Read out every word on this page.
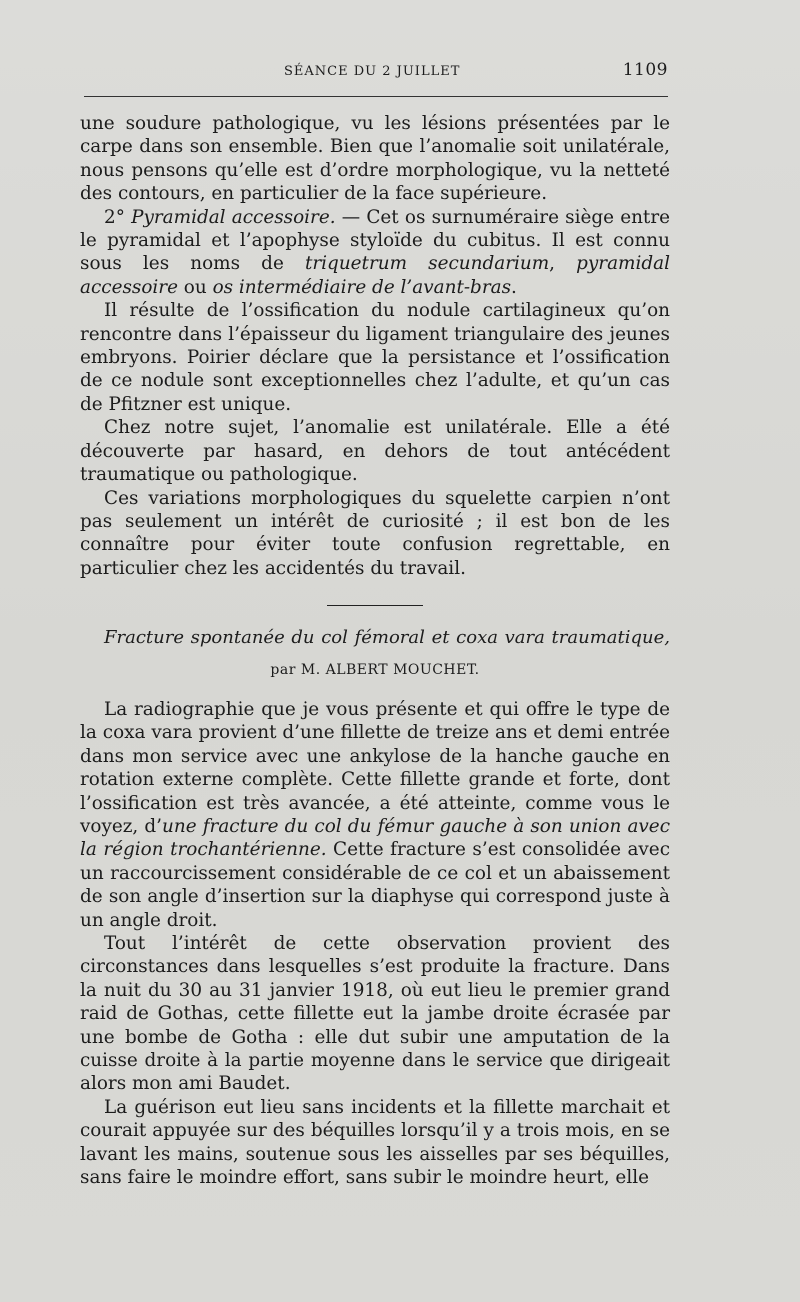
SÉANCE DU 2 JUILLET	1109

une soudure pathologique, vu les lésions présentées par le carpe dans son ensemble. Bien que l’anomalie soit unilatérale, nous pensons qu’elle est d’ordre morphologique, vu la netteté des contours, en particulier de la face supérieure.

2° Pyramidal accessoire. — Cet os surnuméraire siège entre le pyramidal et l’apophyse styloïde du cubitus. Il est connu sous les noms de triquetrum secundarium, pyramidal accessoire ou os intermédiaire de l’avant-bras.

Il résulte de l’ossification du nodule cartilagineux qu’on rencontre dans l’épaisseur du ligament triangulaire des jeunes embryons. Poirier déclare que la persistance et l’ossification de ce nodule sont exceptionnelles chez l’adulte, et qu’un cas de Pfitzner est unique.

Chez notre sujet, l’anomalie est unilatérale. Elle a été découverte par hasard, en dehors de tout antécédent traumatique ou pathologique.

Ces variations morphologiques du squelette carpien n’ont pas seulement un intérêt de curiosité ; il est bon de les connaître pour éviter toute confusion regrettable, en particulier chez les accidentés du travail.

Fracture spontanée du col fémoral et coxa vara traumatique,

par M. ALBERT MOUCHET.

La radiographie que je vous présente et qui offre le type de la coxa vara provient d’une fillette de treize ans et demi entrée dans mon service avec une ankylose de la hanche gauche en rotation externe complète. Cette fillette grande et forte, dont l’ossification est très avancée, a été atteinte, comme vous le voyez, d’une fracture du col du fémur gauche à son union avec la région trochantérienne. Cette fracture s’est consolidée avec un raccourcissement considérable de ce col et un abaissement de son angle d’insertion sur la diaphyse qui correspond juste à un angle droit.

Tout l’intérêt de cette observation provient des circonstances dans lesquelles s’est produite la fracture. Dans la nuit du 30 au 31 janvier 1918, où eut lieu le premier grand raid de Gothas, cette fillette eut la jambe droite écrasée par une bombe de Gotha : elle dut subir une amputation de la cuisse droite à la partie moyenne dans le service que dirigeait alors mon ami Baudet.

La guérison eut lieu sans incidents et la fillette marchait et courait appuyée sur des béquilles lorsqu’il y a trois mois, en se lavant les mains, soutenue sous les aisselles par ses béquilles, sans faire le moindre effort, sans subir le moindre heurt, elle
